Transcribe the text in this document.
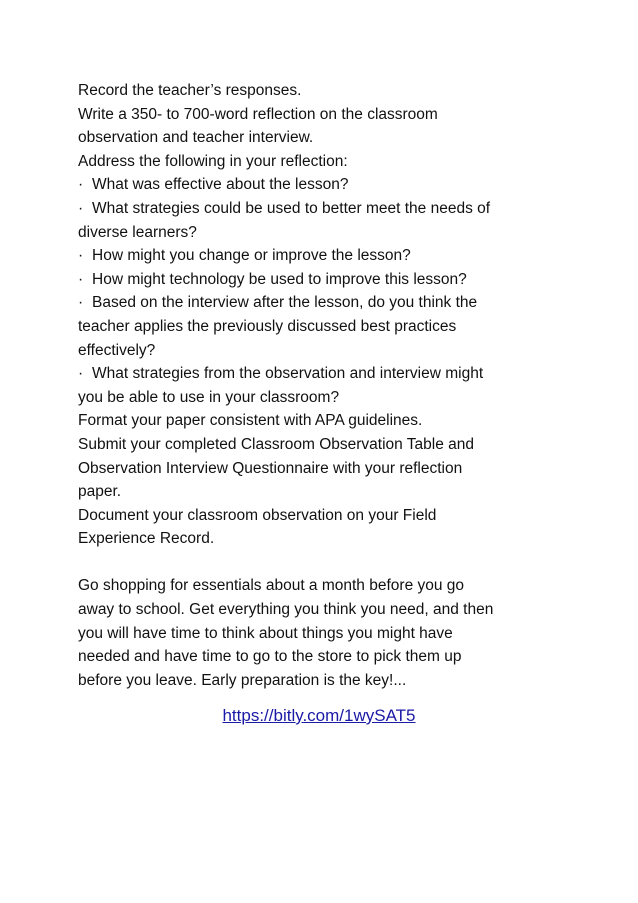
Record the teacher’s responses.
Write a 350- to 700-word reflection on the classroom
observation and teacher interview.
Address the following in your reflection:
· What was effective about the lesson?
· What strategies could be used to better meet the needs of
diverse learners?
· How might you change or improve the lesson?
· How might technology be used to improve this lesson?
· Based on the interview after the lesson, do you think the
teacher applies the previously discussed best practices
effectively?
· What strategies from the observation and interview might
you be able to use in your classroom?
Format your paper consistent with APA guidelines.
Submit your completed Classroom Observation Table and
Observation Interview Questionnaire with your reflection
paper.
Document your classroom observation on your Field
Experience Record.
Go shopping for essentials about a month before you go
away to school. Get everything you think you need, and then
you will have time to think about things you might have
needed and have time to go to the store to pick them up
before you leave. Early preparation is the key!...
https://bitly.com/1wySAT5
